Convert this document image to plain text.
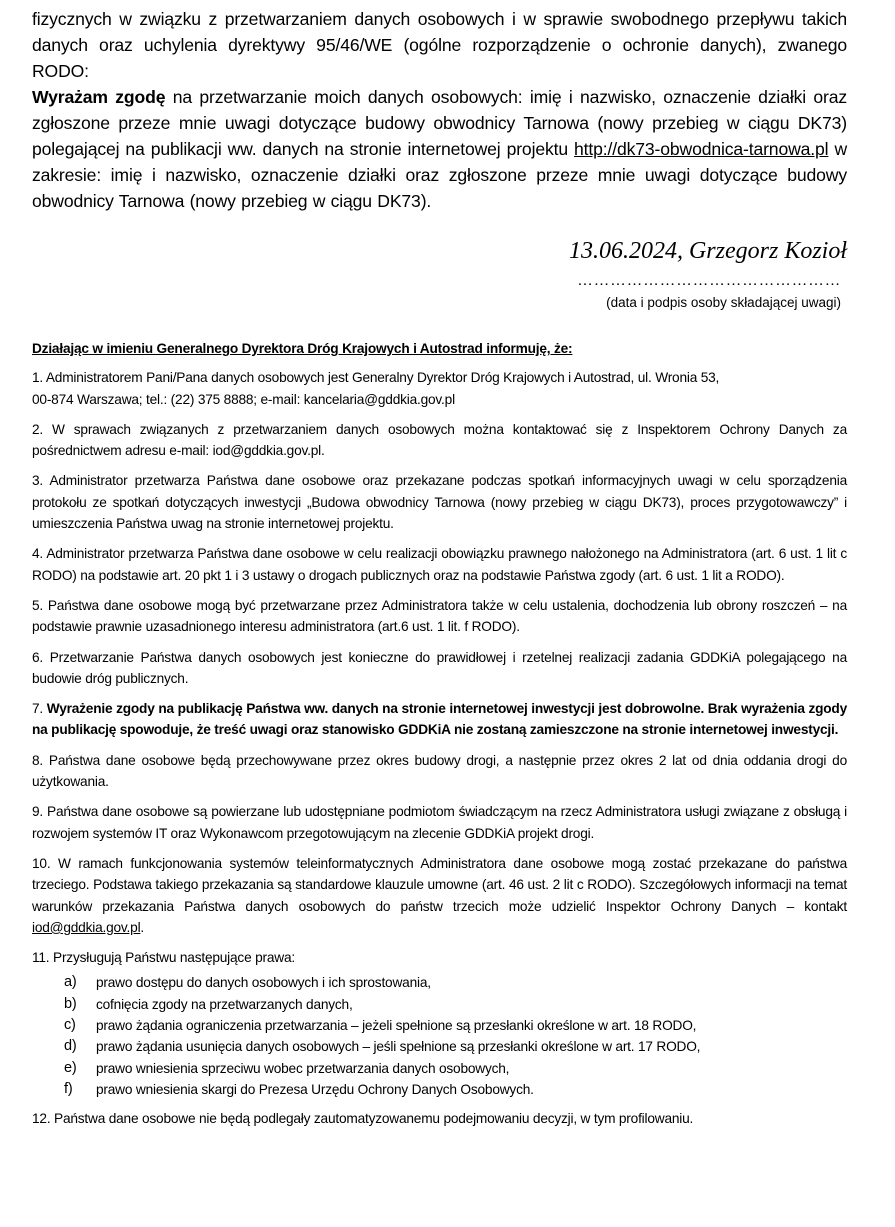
fizycznych w związku z przetwarzaniem danych osobowych i w sprawie swobodnego przepływu takich danych oraz uchylenia dyrektywy 95/46/WE (ogólne rozporządzenie o ochronie danych), zwanego RODO:

Wyrażam zgodę na przetwarzanie moich danych osobowych: imię i nazwisko, oznaczenie działki oraz zgłoszone przeze mnie uwagi dotyczące budowy obwodnicy Tarnowa (nowy przebieg w ciągu DK73) polegającej na publikacji ww. danych na stronie internetowej projektu http://dk73-obwodnica-tarnowa.pl w zakresie: imię i nazwisko, oznaczenie działki oraz zgłoszone przeze mnie uwagi dotyczące budowy obwodnicy Tarnowa (nowy przebieg w ciągu DK73).

13.06.2024, Grzegorz Kozioł
…………………………………………
(data i podpis osoby składającej uwagi)

Działając w imieniu Generalnego Dyrektora Dróg Krajowych i Autostrad informuję, że:

1. Administratorem Pani/Pana danych osobowych jest Generalny Dyrektor Dróg Krajowych i Autostrad, ul. Wronia 53,
00-874 Warszawa; tel.: (22) 375 8888; e-mail: kancelaria@gddkia.gov.pl

2. W sprawach związanych z przetwarzaniem danych osobowych można kontaktować się z Inspektorem Ochrony Danych za pośrednictwem adresu e-mail: iod@gddkia.gov.pl.

3. Administrator przetwarza Państwa dane osobowe oraz przekazane podczas spotkań informacyjnych uwagi w celu sporządzenia protokołu ze spotkań dotyczących inwestycji „Budowa obwodnicy Tarnowa (nowy przebieg w ciągu DK73), proces przygotowawczy” i umieszczenia Państwa uwag na stronie internetowej projektu.

4. Administrator przetwarza Państwa dane osobowe w celu realizacji obowiązku prawnego nałożonego na Administratora (art. 6 ust. 1 lit c RODO) na podstawie art. 20 pkt 1 i 3 ustawy o drogach publicznych oraz na podstawie Państwa zgody (art. 6 ust. 1 lit a RODO).

5. Państwa dane osobowe mogą być przetwarzane przez Administratora także w celu ustalenia, dochodzenia lub obrony roszczeń – na podstawie prawnie uzasadnionego interesu administratora (art.6 ust. 1 lit. f RODO).

6. Przetwarzanie Państwa danych osobowych jest konieczne do prawidłowej i rzetelnej realizacji zadania GDDKiA polegającego na budowie dróg publicznych.

7. Wyrażenie zgody na publikację Państwa ww. danych na stronie internetowej inwestycji jest dobrowolne. Brak wyrażenia zgody na publikację spowoduje, że treść uwagi oraz stanowisko GDDKiA nie zostaną zamieszczone na stronie internetowej inwestycji.

8. Państwa dane osobowe będą przechowywane przez okres budowy drogi, a następnie przez okres 2 lat od dnia oddania drogi do użytkowania.

9. Państwa dane osobowe są powierzane lub udostępniane podmiotom świadczącym na rzecz Administratora usługi związane z obsługą i rozwojem systemów IT oraz Wykonawcom przegotowującym na zlecenie GDDKiA projekt drogi.

10. W ramach funkcjonowania systemów teleinformatycznych Administratora dane osobowe mogą zostać przekazane do państwa trzeciego. Podstawa takiego przekazania są standardowe klauzule umowne (art. 46 ust. 2 lit c RODO). Szczegółowych informacji na temat warunków przekazania Państwa danych osobowych do państw trzecich może udzielić Inspektor Ochrony Danych – kontakt iod@gddkia.gov.pl.

11. Przysługują Państwu następujące prawa:

a)	prawo dostępu do danych osobowych i ich sprostowania,
b)	cofnięcia zgody na przetwarzanych danych,
c)	prawo żądania ograniczenia przetwarzania – jeżeli spełnione są przesłanki określone w art. 18 RODO,
d)	prawo żądania usunięcia danych osobowych – jeśli spełnione są przesłanki określone w art. 17 RODO,
e)	prawo wniesienia sprzeciwu wobec przetwarzania danych osobowych,
f)	prawo wniesienia skargi do Prezesa Urzędu Ochrony Danych Osobowych.

12. Państwa dane osobowe nie będą podlegały zautomatyzowanemu podejmowaniu decyzji, w tym profilowaniu.
